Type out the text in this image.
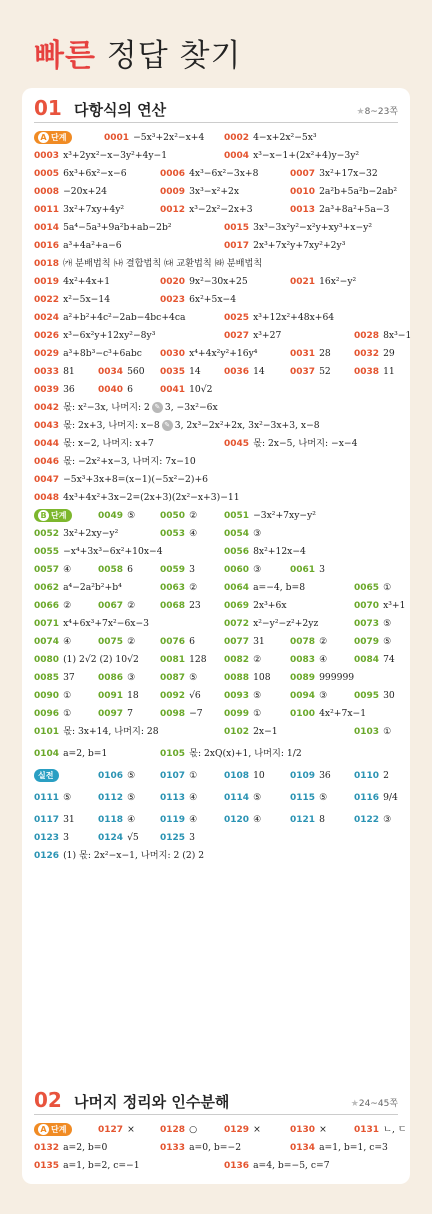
빠른 정답 찾기
01 다항식의 연산	★8~23쪽
A 단계	0001 −5x³+2x²−x+4 0002 4−x+2x²−5x³
0003 x³+2yx²−x−3y²+4y−1	0004 x³−x−1+(2x²+4)y−3y²
0005 6x³+6x²−x−6	0006 4x³−6x²−3x+8	0007 3x²+17x−32
0008 −20x+24	0009 3x³−x²+2x	0010 2a²b+5a²b−2ab²
0011 3x²+7xy+4y²	0012 x³−2x²−2x+3	0013 2a³+8a²+5a−3
0014 5a⁴−5a³+9a²b+ab−2b²	0015 3x³−3x²y²−x²y+xy³+x−y²
0016 a³+4a²+a−6	0017 2x³+7x²y+7xy²+2y³
0018 ㈎ 분배법칙 ㈏ 결합법칙 ㈐ 교환법칙 ㈑ 분배법칙
0019 4x²+4x+1	0020 9x²−30x+25	0021 16x²−y²
0022 x²−5x−14	0023 6x²+5x−4
0024 a²+b²+4c²−2ab−4bc+4ca	0025 x³+12x²+48x+64
0026 x³−6x²y+12xy²−8y³	0027 x³+27	0028 8x³−1
0029 a³+8b³−c³+6abc 0030 x⁴+4x²y²+16y⁴	0031 28	0032 29
0033 81	0034 560 0035 14	0036 14	0037 52	0038 11
0039 36	0040 6	0041 10√2
0042 몫: x²−3x, 나머지: 2 ✎ 3, −3x²−6x
0043 몫: 2x+3, 나머지: x−8 ✎ 3, 2x³−2x²+2x, 3x²−3x+3, x−8
0044 몫: x−2, 나머지: x+7	0045 몫: 2x−5, 나머지: −x−4
0046 몫: −2x²+x−3, 나머지: 7x−10
0047 −5x³+3x+8=(x−1)(−5x²−2)+6
0048 4x³+4x²+3x−2=(2x+3)(2x²−x+3)−11
B 단계	0049 ⑤	0050 ②	0051 −3x²+7xy−y²
0052 3x²+2xy−y²	0053 ④	0054 ③
0055 −x⁴+3x³−6x²+10x−4	0056 8x²+12x−4
0057 ④	0058 6	0059 3	0060 ③	0061 3
0062 a⁴−2a²b²+b⁴	0063 ②	0064 a=−4, b=8	0065 ①
0066 ②	0067 ②	0068 23	0069 2x³+6x	0070 x³+1
0071 x⁴+6x³+7x²−6x−3	0072 x²−y²−z²+2yz	0073 ⑤
0074 ④	0075 ②	0076 6	0077 31	0078 ②	0079 ⑤
0080 (1) 2√2 (2) 10√2 0081 128 0082 ②	0083 ④	0084 74
0085 37	0086 ③	0087 ⑤	0088 108 0089 999999
0090 ①	0091 18 0092 √6	0093 ⑤	0094 ③	0095 30
0096 ①	0097 7	0098 −7 0099 ①	0100 4x²+7x−1
0101 몫: 3x+14, 나머지: 28	0102 2x−1	0103 ①
0104 a=2, b=1	0105 몫: 2xQ(x)+1, 나머지: 1/2
실전	0106 ⑤	0107 ①	0108 10	0109 36	0110 2
0111 ⑤	0112 ⑤	0113 ④	0114 ⑤	0115 ⑤	0116 9/4
0117 31	0118 ④	0119 ④	0120 ④	0121 8	0122 ③
0123 3	0124 √5 0125 3
0126 (1) 몫: 2x²−x−1, 나머지: 2 (2) 2
02 나머지 정리와 인수분해	★24~45쪽
A 단계	0127 ×	0128 ○	0129 ×	0130 ×	0131 ㄴ, ㄷ
0132 a=2, b=0	0133 a=0, b=−2	0134 a=1, b=1, c=3
0135 a=1, b=2, c=−1	0136 a=4, b=−5, c=7
